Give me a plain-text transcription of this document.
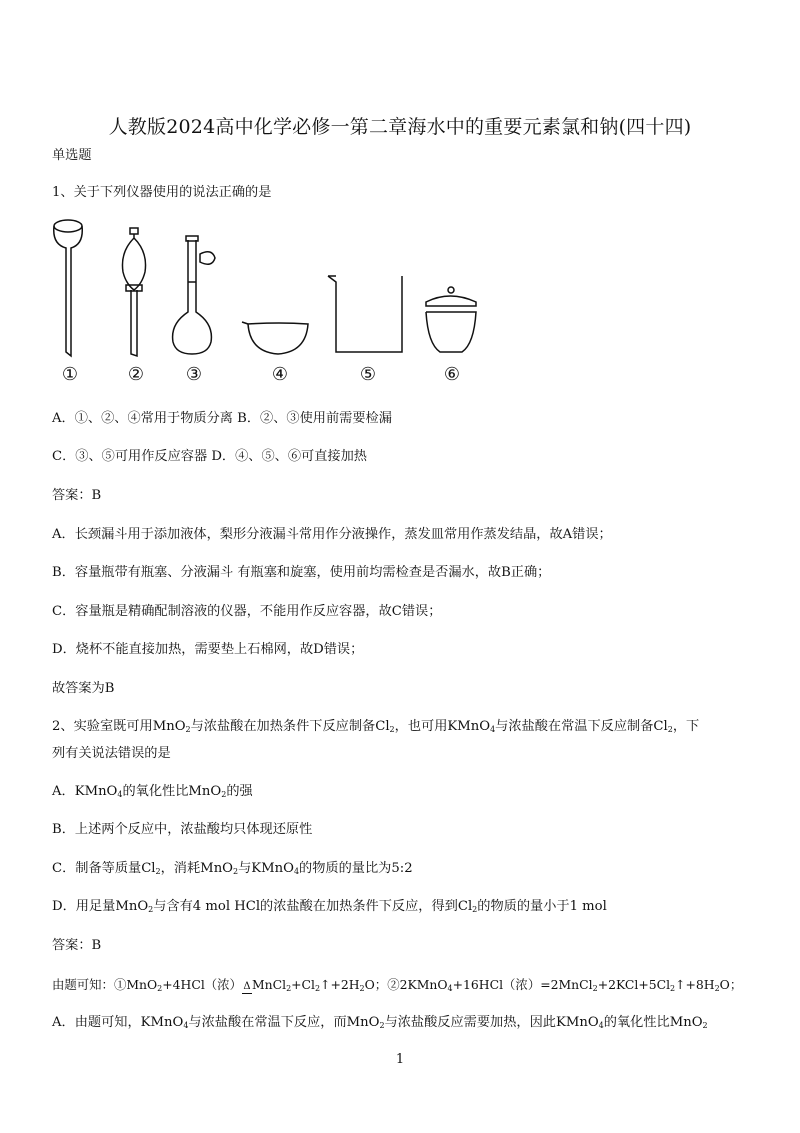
人教版2024高中化学必修一第二章海水中的重要元素氯和钠(四十四)
单选题
1、关于下列仪器使用的说法正确的是
①	② ③	④	⑤	⑥
A．①、②、④常用于物质分离 B．②、③使用前需要检漏
C．③、⑤可用作反应容器 D．④、⑤、⑥可直接加热
答案：B
A．长颈漏斗用于添加液体，梨形分液漏斗常用作分液操作，蒸发皿常用作蒸发结晶，故A错误；
B．容量瓶带有瓶塞、分液漏斗 有瓶塞和旋塞，使用前均需检查是否漏水，故B正确；
C．容量瓶是精确配制溶液的仪器，不能用作反应容器，故C错误；
D．烧杯不能直接加热，需要垫上石棉网，故D错误；
故答案为B
2、实验室既可用MnO$_2$与浓盐酸在加热条件下反应制备$Cl_2$，也可用KMnO$_4$与浓盐酸在常温下反应制备$Cl_2$，下
列有关说法错误的是
A．KMnO$_4$的氧化性比MnO$_2$的强
B．上述两个反应中，浓盐酸均只体现还原性
C．制备等质量$Cl_2$，消耗MnO$_2$与KMnO$_4$的物质的量比为5:2
D．用足量MnO$_2$与含有4 mol HCl的浓盐酸在加热条件下反应，得到$Cl_2$的物质的量小于1 mol
答案：B
由题可知：①MnO$_2$+4HCl（浓）$\Delta MnCl_2+Cl_2↑+2H_2O$；②2KMnO$_4$+16HCl（浓）$=2MnCl_2+2KCl+5Cl_2↑+8H_2O$；
A．由题可知，KMnO$_4$与浓盐酸在常温下反应，而MnO$_2$与浓盐酸反应需要加热，因此KMnO$_4$的氧化性比MnO$_2$
1
